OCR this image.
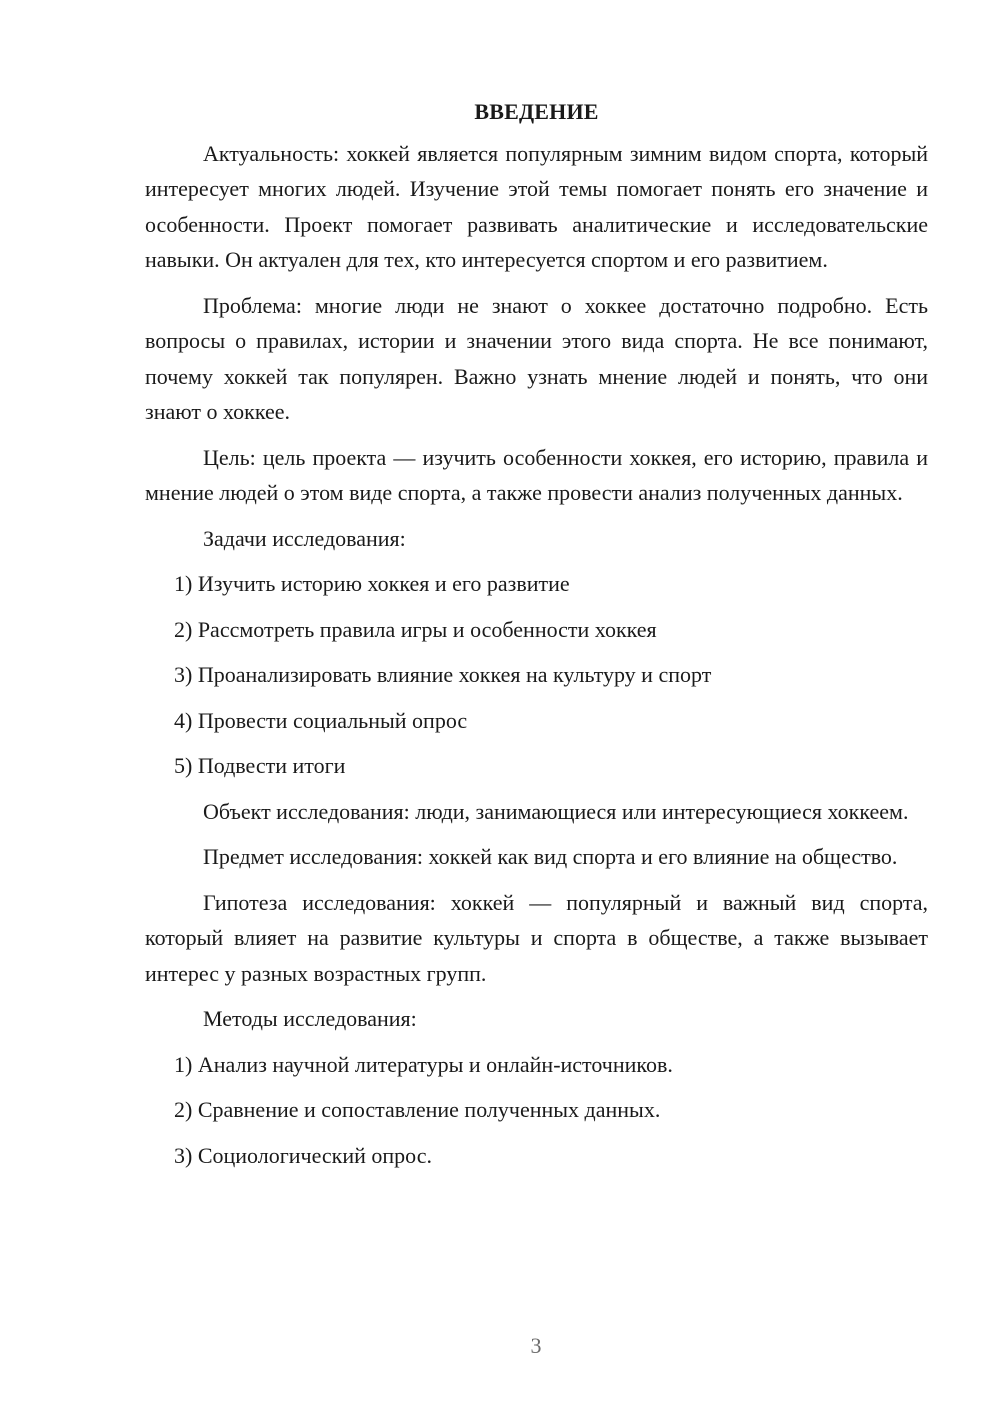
ВВЕДЕНИЕ

Актуальность: хоккей является популярным зимним видом спорта, который интересует многих людей. Изучение этой темы помогает понять его значение и особенности. Проект помогает развивать аналитические и исследовательские навыки. Он актуален для тех, кто интересуется спортом и его развитием.

Проблема: многие люди не знают о хоккее достаточно подробно. Есть вопросы о правилах, истории и значении этого вида спорта. Не все понимают, почему хоккей так популярен. Важно узнать мнение людей и понять, что они знают о хоккее.

Цель: цель проекта — изучить особенности хоккея, его историю, правила и мнение людей о этом виде спорта, а также провести анализ полученных данных.

Задачи исследования:

1) Изучить историю хоккея и его развитие

2) Рассмотреть правила игры и особенности хоккея

3) Проанализировать влияние хоккея на культуру и спорт

4) Провести социальный опрос

5) Подвести итоги

Объект исследования: люди, занимающиеся или интересующиеся хоккеем.

Предмет исследования: хоккей как вид спорта и его влияние на общество.

Гипотеза исследования: хоккей — популярный и важный вид спорта, который влияет на развитие культуры и спорта в обществе, а также вызывает интерес у разных возрастных групп.

Методы исследования:

1) Анализ научной литературы и онлайн-источников.

2) Сравнение и сопоставление полученных данных.

3) Социологический опрос.

3
